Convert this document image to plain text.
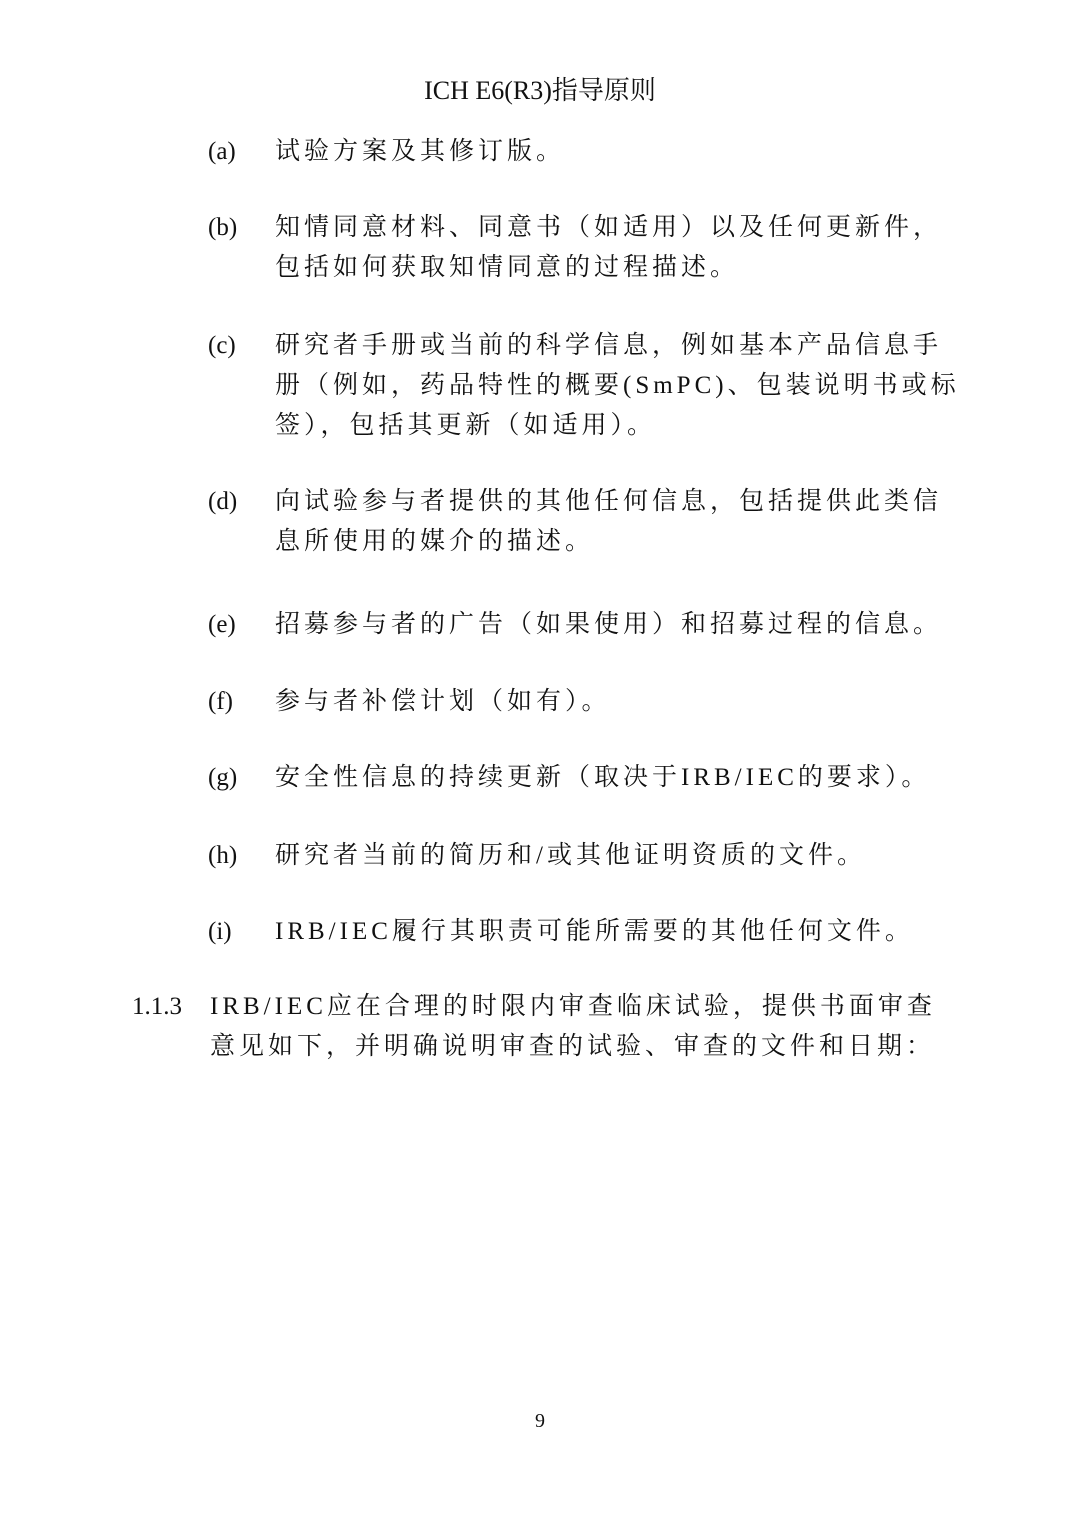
ICH E6(R3)指导原则
(a) 试验方案及其修订版。
(b) 知情同意材料、同意书（如适用）以及任何更新件，
包括如何获取知情同意的过程描述。
(c) 研究者手册或当前的科学信息，例如基本产品信息手
册（例如，药品特性的概要(SmPC)、包装说明书或标
签），包括其更新（如适用）。
(d) 向试验参与者提供的其他任何信息，包括提供此类信
息所使用的媒介的描述。
(e) 招募参与者的广告（如果使用）和招募过程的信息。
(f) 参与者补偿计划（如有）。
(g) 安全性信息的持续更新（取决于IRB/IEC的要求）。
(h) 研究者当前的简历和/或其他证明资质的文件。
(i) IRB/IEC履行其职责可能所需要的其他任何文件。
1.1.3 IRB/IEC应在合理的时限内审查临床试验，提供书面审查
意见如下，并明确说明审查的试验、审查的文件和日期：
9
